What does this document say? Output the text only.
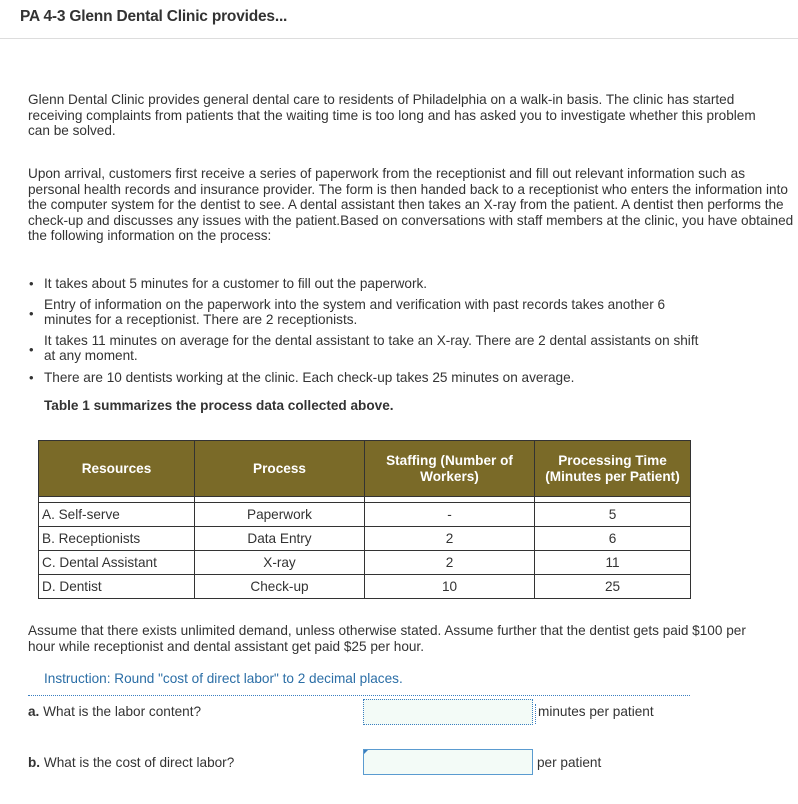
PA 4-3 Glenn Dental Clinic provides...

Glenn Dental Clinic provides general dental care to residents of Philadelphia on a walk-in basis. The clinic has started receiving complaints from patients that the waiting time is too long and has asked you to investigate whether this problem can be solved.

Upon arrival, customers first receive a series of paperwork from the receptionist and fill out relevant information such as personal health records and insurance provider. The form is then handed back to a receptionist who enters the information into the computer system for the dentist to see. A dental assistant then takes an X-ray from the patient. A dentist then performs the check-up and discusses any issues with the patient.Based on conversations with staff members at the clinic, you have obtained the following information on the process:

• It takes about 5 minutes for a customer to fill out the paperwork.
•
Entry of information on the paperwork into the system and verification with past records takes another 6 minutes for a receptionist. There are 2 receptionists.
•
It takes 11 minutes on average for the dental assistant to take an X-ray. There are 2 dental assistants on shift at any moment.
• There are 10 dentists working at the clinic. Each check-up takes 25 minutes on average.
Table 1 summarizes the process data collected above.
Resources	Process	Staffing (Number of Workers)	Processing Time (Minutes per Patient)

A. Self-serve	Paperwork	-	5
B. Receptionists	Data Entry	2	6
C. Dental Assistant	X-ray	2	11
D. Dentist	Check-up	10	25

Assume that there exists unlimited demand, unless otherwise stated. Assume further that the dentist gets paid $100 per hour while receptionist and dental assistant get paid $25 per hour.

Instruction: Round "cost of direct labor" to 2 decimal places.
a. What is the labor content?	minutes per patient
b. What is the cost of direct labor?	per patient
